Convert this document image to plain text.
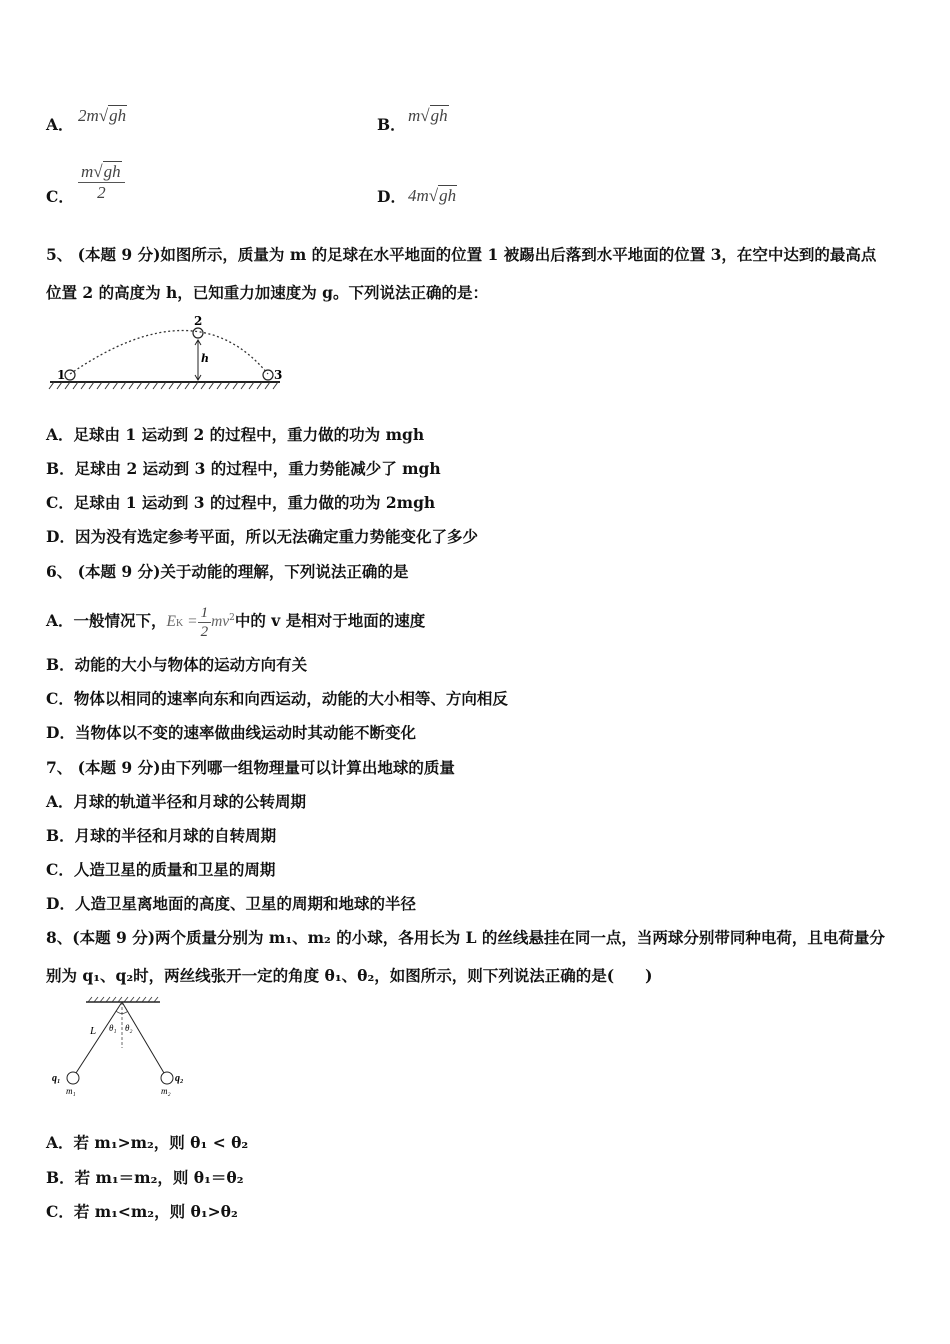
A． 2m√gh	B． m√gh
C． $\frac{m√gh}{2}$	D． 4m√gh
5、 (本题 9 分)如图所示，质量为 m 的足球在水平地面的位置 1 被踢出后落到水平地面的位置 3，在空中达到的最高点
位置 2 的高度为 h，已知重力加速度为 g。下列说法正确的是：
1
2
3
h
A．足球由 1 运动到 2 的过程中，重力做的功为 mgh
B．足球由 2 运动到 3 的过程中，重力势能减少了 mgh
C．足球由 1 运动到 3 的过程中，重力做的功为 2mgh
D．因为没有选定参考平面，所以无法确定重力势能变化了多少
6、 (本题 9 分)关于动能的理解，下列说法正确的是
A．一般情况下，EK = $\frac{1}{2} mv^2$中的 v 是相对于地面的速度
B．动能的大小与物体的运动方向有关
C．物体以相同的速率向东和向西运动，动能的大小相等、方向相反
D．当物体以不变的速率做曲线运动时其动能不断变化
7、 (本题 9 分)由下列哪一组物理量可以计算出地球的质量
A．月球的轨道半径和月球的公转周期
B．月球的半径和月球的自转周期
C．人造卫星的质量和卫星的周期
D．人造卫星离地面的高度、卫星的周期和地球的半径
8、(本题 9 分)两个质量分别为 m₁、m₂ 的小球，各用长为 L 的丝线悬挂在同一点，当两球分别带同种电荷，且电荷量分
别为 q₁、q₂时，两丝线张开一定的角度 θ₁、θ₂，如图所示，则下列说法正确的是(　　)
L θ₁ θ₂
q₁	q₂
m₁	m₂
A．若 m₁>m₂，则 θ₁ < θ₂
B．若 m₁＝m₂，则 θ₁＝θ₂
C．若 m₁<m₂，则 θ₁>θ₂
